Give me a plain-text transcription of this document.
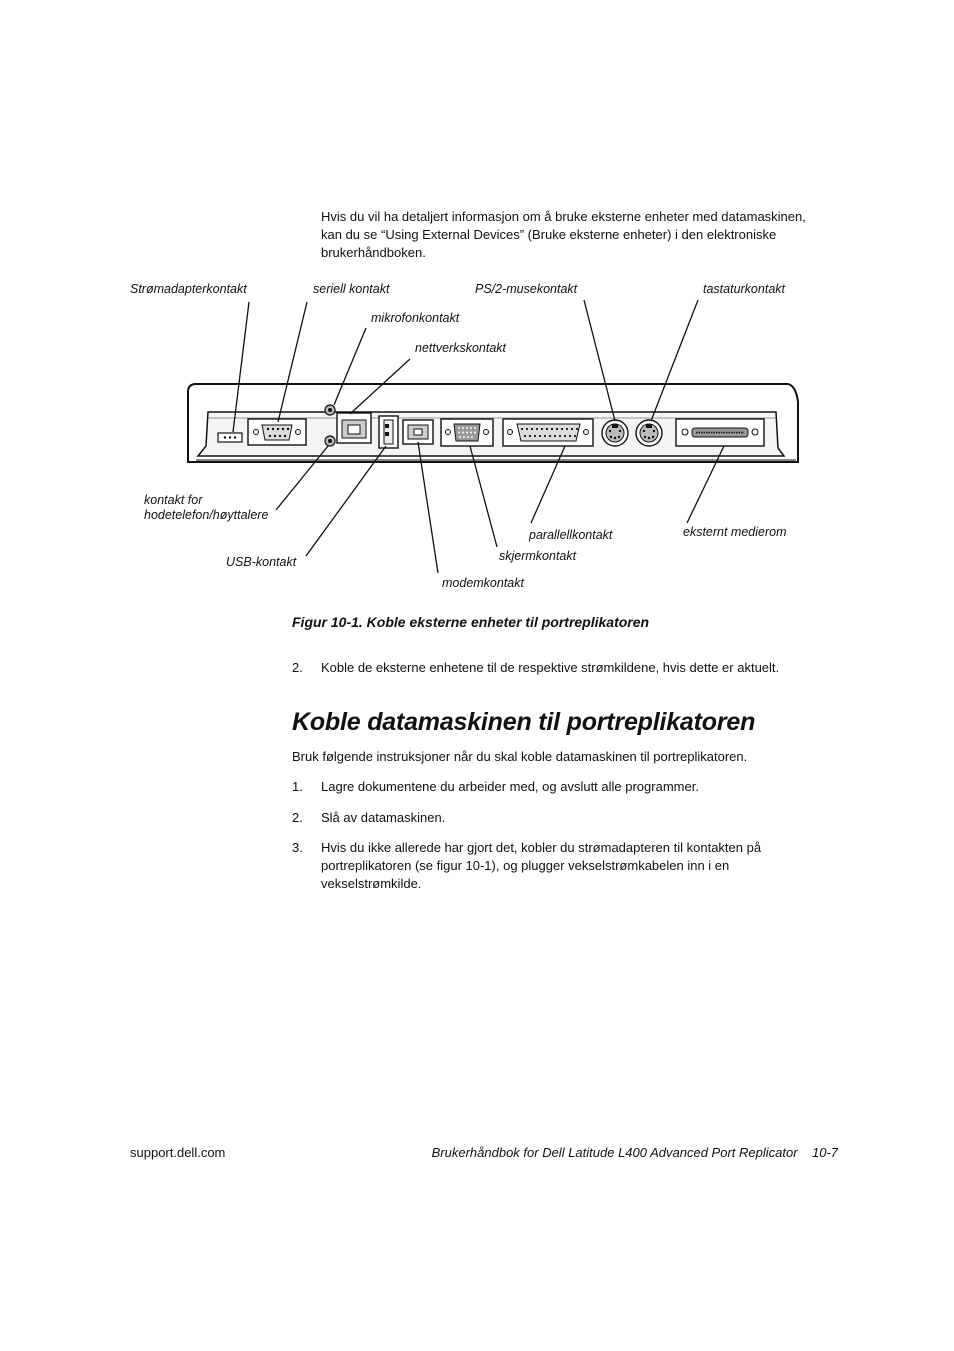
Hvis du vil ha detaljert informasjon om å bruke eksterne enheter med datamaskinen, kan du se “Using External Devices” (Bruke eksterne enheter) i den elektroniske brukerhåndboken.
Strømadapterkontakt	seriell kontakt
mikrofonkontakt
nettverkskontakt
PS/2-musekontakt	tastaturkontakt
kontakt for
hodetelefon/høyttalere
USB-kontakt
modemkontakt
skjermkontakt
parallellkontakt	eksternt medierom
Figur 10-1. Koble eksterne enheter til portreplikatoren
2. Koble de eksterne enhetene til de respektive strømkildene, hvis dette er aktuelt.
Koble datamaskinen til portreplikatoren
Bruk følgende instruksjoner når du skal koble datamaskinen til portreplikatoren.
1. Lagre dokumentene du arbeider med, og avslutt alle programmer.
2. Slå av datamaskinen.
3. Hvis du ikke allerede har gjort det, kobler du strømadapteren til kontakten på portreplikatoren (se figur 10-1), og plugger vekselstrømkabelen inn i en vekselstrømkilde.
support.dell.com	Brukerhåndbok for Dell Latitude L400 Advanced Port Replicator    10-7
